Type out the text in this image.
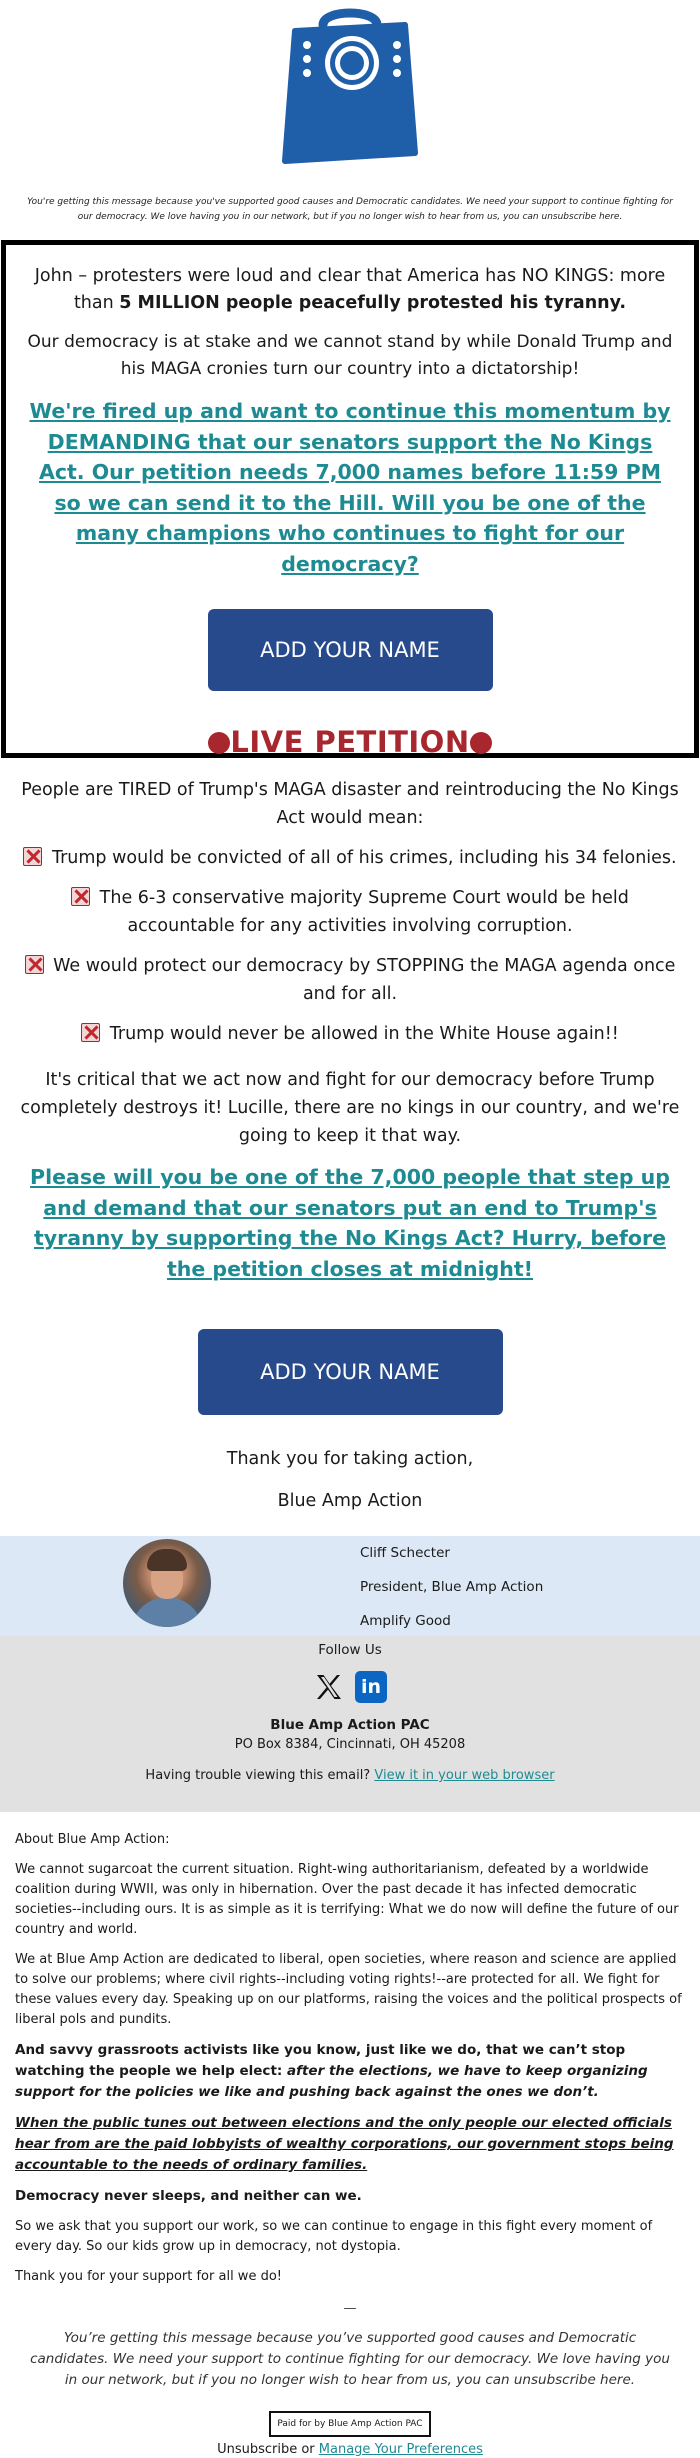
You're getting this message because you've supported good causes and Democratic candidates. We need your support to continue fighting for our democracy. We love having you in our network, but if you no longer wish to hear from us, you can unsubscribe here.

John – protesters were loud and clear that America has NO KINGS: more than 5 MILLION people peacefully protested his tyranny.

Our democracy is at stake and we cannot stand by while Donald Trump and his MAGA cronies turn our country into a dictatorship!

We're fired up and want to continue this momentum by DEMANDING that our senators support the No Kings Act. Our petition needs 7,000 names before 11:59 PM so we can send it to the Hill. Will you be one of the many champions who continues to fight for our democracy?
ADD YOUR NAME
LIVE PETITION

People are TIRED of Trump's MAGA disaster and reintroducing the No Kings Act would mean:

Trump would be convicted of all of his crimes, including his 34 felonies.

The 6-3 conservative majority Supreme Court would be held accountable for any activities involving corruption.

We would protect our democracy by STOPPING the MAGA agenda once and for all.

Trump would never be allowed in the White House again!!

It's critical that we act now and fight for our democracy before Trump completely destroys it! Lucille, there are no kings in our country, and we're going to keep it that way.

Please will you be one of the 7,000 people that step up and demand that our senators put an end to Trump's tyranny by supporting the No Kings Act? Hurry, before the petition closes at midnight!
ADD YOUR NAME

Thank you for taking action,

Blue Amp Action

Cliff Schecter
President, Blue Amp Action
Amplify Good
Follow Us
in
Blue Amp Action PAC
PO Box 8384, Cincinnati, OH 45208
Having trouble viewing this email? View it in your web browser

About Blue Amp Action:

We cannot sugarcoat the current situation. Right-wing authoritarianism, defeated by a worldwide coalition during WWII, was only in hibernation. Over the past decade it has infected democratic societies--including ours. It is as simple as it is terrifying: What we do now will define the future of our country and world.

We at Blue Amp Action are dedicated to liberal, open societies, where reason and science are applied to solve our problems; where civil rights--including voting rights!--are protected for all. We fight for these values every day. Speaking up on our platforms, raising the voices and the political prospects of liberal pols and pundits.

And savvy grassroots activists like you know, just like we do, that we can’t stop watching the people we help elect: after the elections, we have to keep organizing support for the policies we like and pushing back against the ones we don’t.

When the public tunes out between elections and the only people our elected officials hear from are the paid lobbyists of wealthy corporations, our government stops being accountable to the needs of ordinary families.

Democracy never sleeps, and neither can we.

So we ask that you support our work, so we can continue to engage in this fight every moment of every day. So our kids grow up in democracy, not dystopia.

Thank you for your support for all we do!

—
You’re getting this message because you’ve supported good causes and Democratic candidates. We need your support to continue fighting for our democracy. We love having you in our network, but if you no longer wish to hear from us, you can unsubscribe here.
Paid for by Blue Amp Action PAC
Unsubscribe or Manage Your Preferences
